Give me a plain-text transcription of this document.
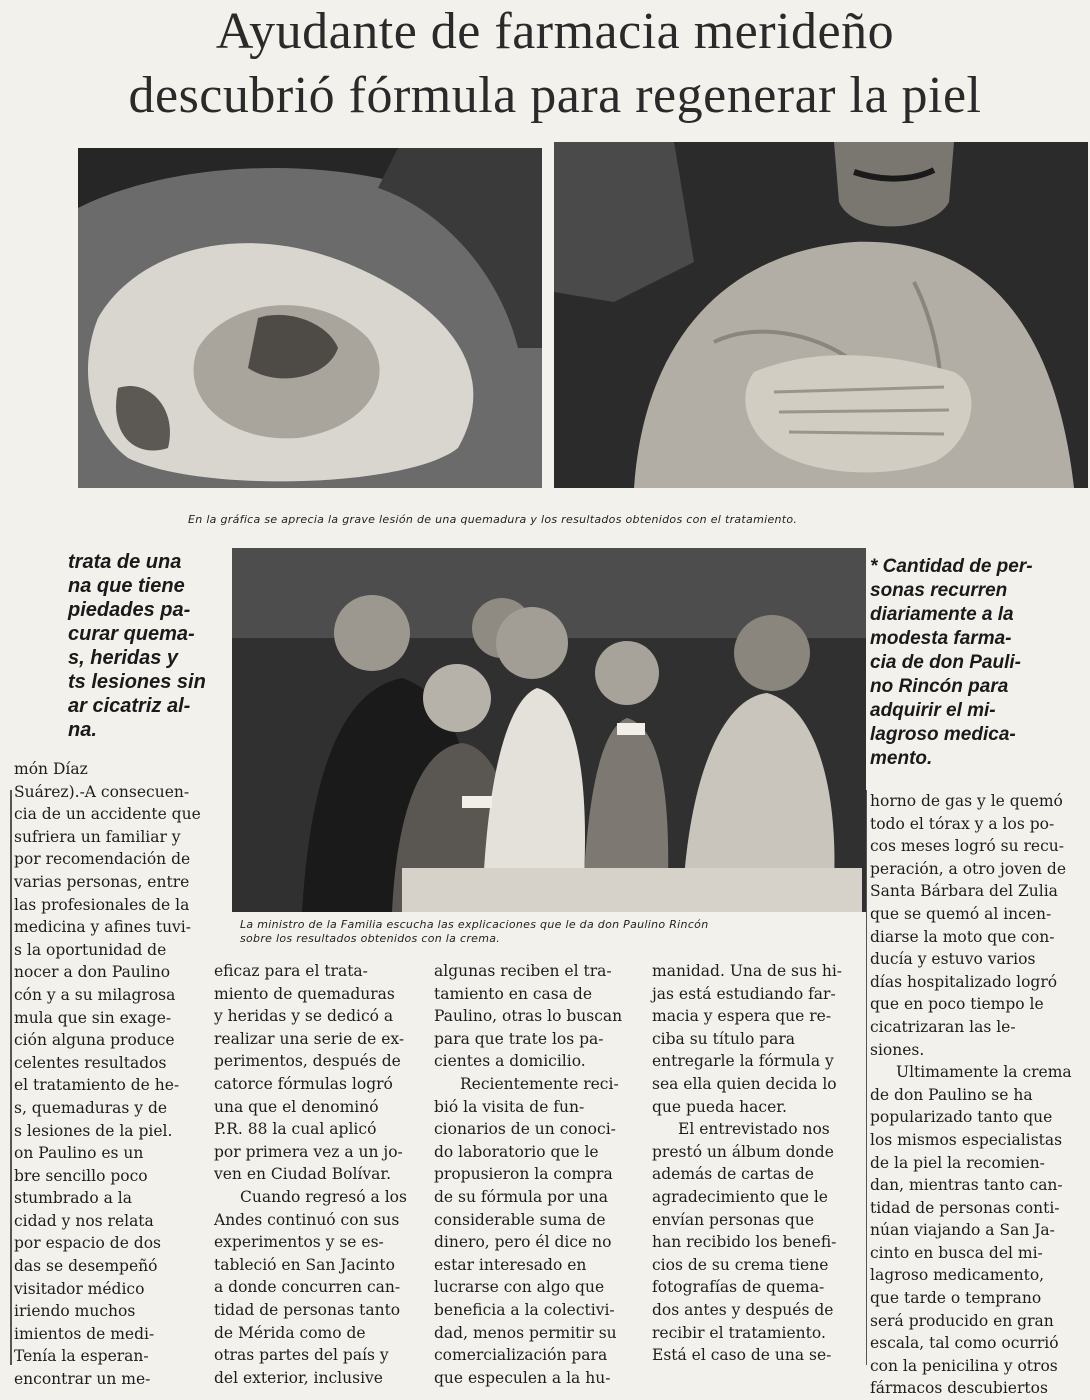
Ayudante de farmacia merideño
descubrió fórmula para regenerar la piel
En la gráfica se aprecia la grave lesión de una quemadura y los resultados obtenidos con el tratamiento.
trata de una
na que tiene
piedades pa-
curar quema-
s, heridas y
ts lesiones sin
ar cicatriz al-
na.
La ministro de la Familia escucha las explicaciones que le da don Paulino Rincón
sobre los resultados obtenidos con la crema.
* Cantidad de per-
sonas recurren
diariamente a la
modesta farma-
cia de don Pauli-
no Rincón para
adquirir el mi-
lagroso medica-
mento.
món Díaz
Suárez).-A consecuen-
cia de un accidente que
sufriera un familiar y
por recomendación de
varias personas, entre
las profesionales de la
medicina y afines tuvi-
s la oportunidad de
nocer a don Paulino
cón y a su milagrosa
mula que sin exage-
ción alguna produce
celentes resultados
el tratamiento de he-
s, quemaduras y de
s lesiones de la piel.
on Paulino es un
bre sencillo poco
stumbrado a la
cidad y nos relata
por espacio de dos
das se desempeñó
visitador médico
iriendo muchos
imientos de medi-
Tenía la esperan-
encontrar un me-
eficaz para el trata-
miento de quemaduras
y heridas y se dedicó a
realizar una serie de ex-
perimentos, después de
catorce fórmulas logró
una que el denominó
P.R. 88 la cual aplicó
por primera vez a un jo-
ven en Ciudad Bolívar.
Cuando regresó a los
Andes continuó con sus
experimentos y se es-
tableció en San Jacinto
a donde concurren can-
tidad de personas tanto
de Mérida como de
otras partes del país y
del exterior, inclusive
algunas reciben el tra-
tamiento en casa de
Paulino, otras lo buscan
para que trate los pa-
cientes a domicilio.
Recientemente reci-
bió la visita de fun-
cionarios de un conoci-
do laboratorio que le
propusieron la compra
de su fórmula por una
considerable suma de
dinero, pero él dice no
estar interesado en
lucrarse con algo que
beneficia a la colectivi-
dad, menos permitir su
comercialización para
que especulen a la hu-
manidad. Una de sus hi-
jas está estudiando far-
macia y espera que re-
ciba su título para
entregarle la fórmula y
sea ella quien decida lo
que pueda hacer.
El entrevistado nos
prestó un álbum donde
además de cartas de
agradecimiento que le
envían personas que
han recibido los benefi-
cios de su crema tiene
fotografías de quema-
dos antes y después de
recibir el tratamiento.
Está el caso de una se-
horno de gas y le quemó
todo el tórax y a los po-
cos meses logró su recu-
peración, a otro joven de
Santa Bárbara del Zulia
que se quemó al incen-
diarse la moto que con-
ducía y estuvo varios
días hospitalizado logró
que en poco tiempo le
cicatrizaran las le-
siones.
Ultimamente la crema
de don Paulino se ha
popularizado tanto que
los mismos especialistas
de la piel la recomien-
dan, mientras tanto can-
tidad de personas conti-
núan viajando a San Ja-
cinto en busca del mi-
lagroso medicamento,
que tarde o temprano
será producido en gran
escala, tal como ocurrió
con la penicilina y otros
fármacos descubiertos
